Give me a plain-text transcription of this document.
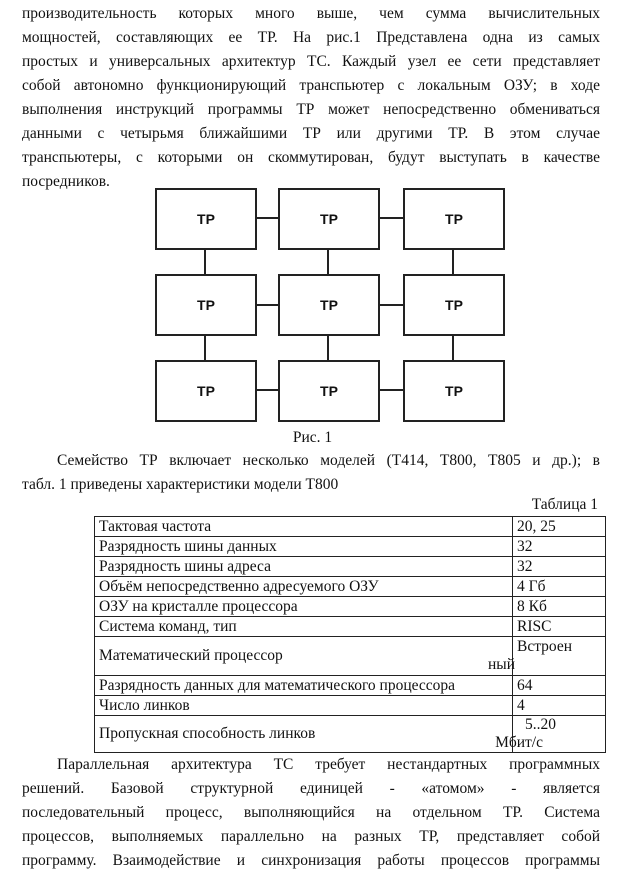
производительность которых много выше, чем сумма вычислительных
мощностей, составляющих ее ТР. На рис.1 Представлена одна из самых
простых и универсальных архитектур ТС. Каждый узел ее сети представляет
собой автономно функционирующий транспьютер с локальным ОЗУ; в ходе
выполнения инструкций программы ТР может непосредственно обмениваться
данными с четырьмя ближайшими ТР или другими ТР. В этом случае
транспьютеры, с которыми он скоммутирован, будут выступать в качестве
посредников.
ТР	ТР	ТР
ТР	ТР	ТР
ТР	ТР	ТР
Рис. 1
Семейство ТР включает несколько моделей (Т414, Т800, Т805 и др.); в
табл. 1 приведены характеристики модели Т800
Таблица 1
Тактовая частота	20, 25
Разрядность шины данных	32
Разрядность шины адреса	32
Объём непосредственно адресуемого ОЗУ	4 Гб
ОЗУ на кристалле процессора	8 Кб
Система команд, тип	RISC
Математический процессор	Встроен
ный

Разрядность данных для математического процессора	64
Число линков	4
Пропускная способность линков	5..20
Мбит/с
Параллельная архитектура ТС требует нестандартных программных
решений. Базовой структурной единицей - «атомом» - является
последовательный процесс, выполняющийся на отдельном ТР. Система
процессов, выполняемых параллельно на разных ТР, представляет собой
программу. Взаимодействие и синхронизация работы процессов программы
